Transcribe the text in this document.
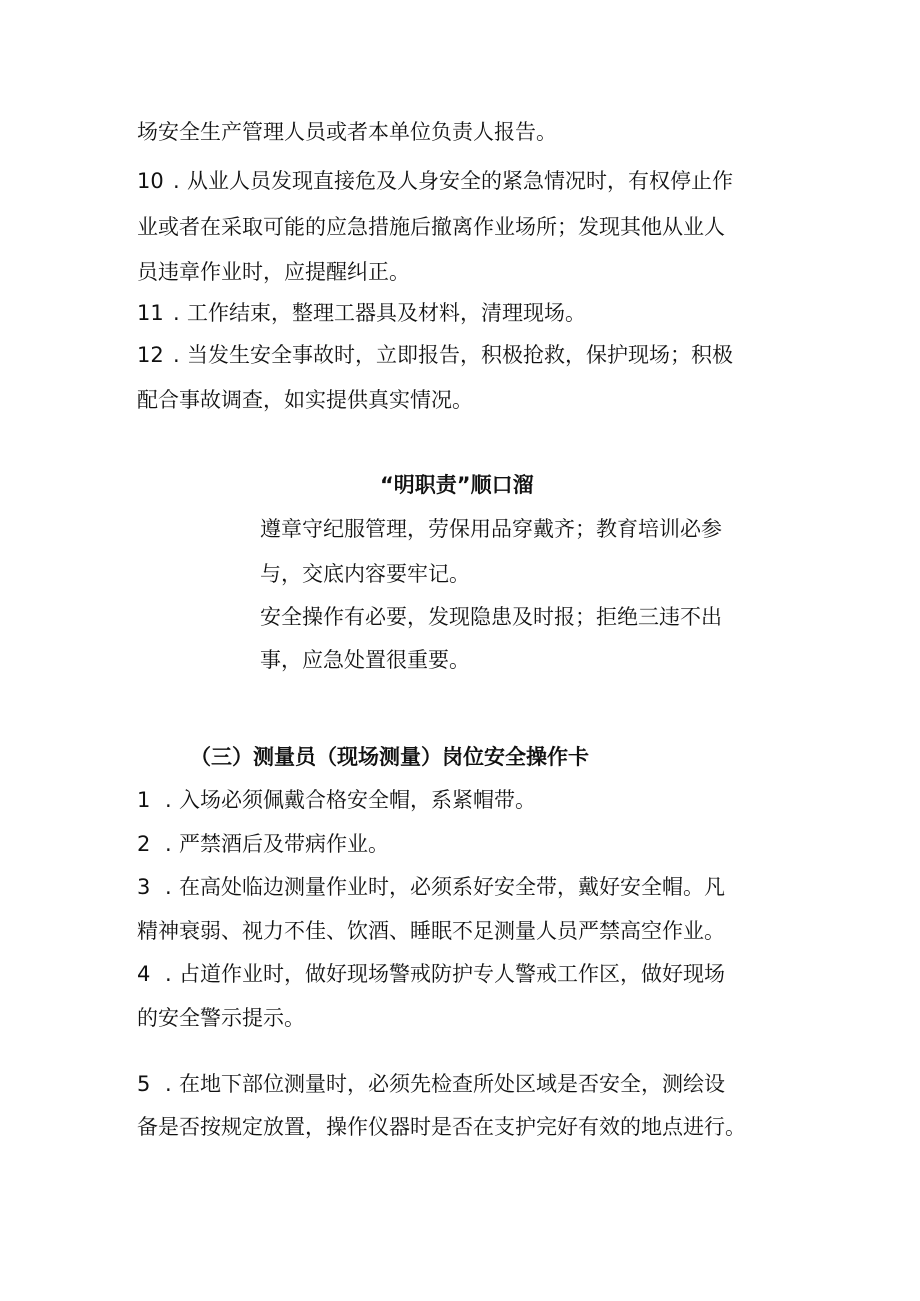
场安全生产管理人员或者本单位负责人报告。

10 . 从业人员发现直接危及人身安全的紧急情况时，有权停止作

业或者在采取可能的应急措施后撤离作业场所；发现其他从业人

员违章作业时，应提醒纠正。

11 . 工作结束，整理工器具及材料，清理现场。

12 . 当发生安全事故时，立即报告，积极抢救，保护现场；积极

配合事故调查，如实提供真实情况。

“明职责”顺口溜

遵章守纪服管理，劳保用品穿戴齐；教育培训必参

与，交底内容要牢记。

安全操作有必要，发现隐患及时报；拒绝三违不出

事，应急处置很重要。

（三）测量员（现场测量）岗位安全操作卡

1 . 入场必须佩戴合格安全帽，系紧帽带。

2 . 严禁酒后及带病作业。

3 . 在高处临边测量作业时，必须系好安全带，戴好安全帽。凡

精神衰弱、视力不佳、饮酒、睡眠不足测量人员严禁高空作业。

4 . 占道作业时，做好现场警戒防护专人警戒工作区，做好现场

的安全警示提示。

5 . 在地下部位测量时，必须先检查所处区域是否安全，测绘设

备是否按规定放置，操作仪器时是否在支护完好有效的地点进行。
